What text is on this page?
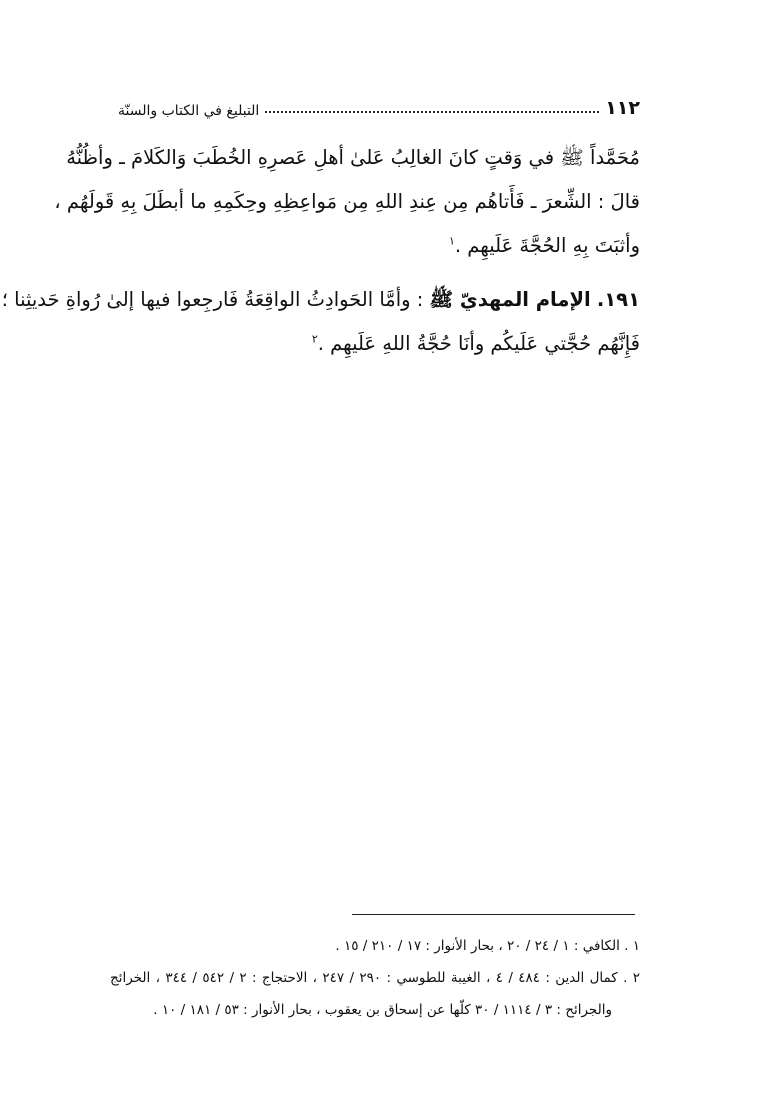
١١٢
التبليغ في الكتاب والسنّة
مُحَمَّداً ﷺ في وَقتٍ كانَ الغالِبُ عَلىٰ أهلِ عَصرِهِ الخُطَبَ وَالكَلامَ ـ وأظُنُّهُ
قالَ : الشِّعرَ ـ فَأَتاهُم مِن عِندِ اللهِ مِن مَواعِظِهِ وحِكَمِهِ ما أبطَلَ بِهِ قَولَهُم ،
وأثبَتَ بِهِ الحُجَّةَ عَلَيهِم .$^١$
١٩١. الإمام المهديّ ﷺ : وأمَّا الحَوادِثُ الواقِعَةُ فَارجِعوا فيها إلىٰ رُواةِ حَديثِنا ؛
فَإِنَّهُم حُجَّتي عَلَيكُم وأنَا حُجَّةُ اللهِ عَلَيهِم .$^٢$
١ . الكافي : ١ / ٢٤ / ٢٠ ، بحار الأنوار : ١٧ / ٢١٠ / ١٥ .
٢ . كمال الدين : ٤٨٤ / ٤ ، الغيبة للطوسي : ٢٩٠ / ٢٤٧ ، الاحتجاج : ٢ / ٥٤٢ / ٣٤٤ ، الخرائج
والجرائح : ٣ / ١١١٤ / ٣٠ كلّها عن إسحاق بن يعقوب ، بحار الأنوار : ٥٣ / ١٨١ / ١٠ .
